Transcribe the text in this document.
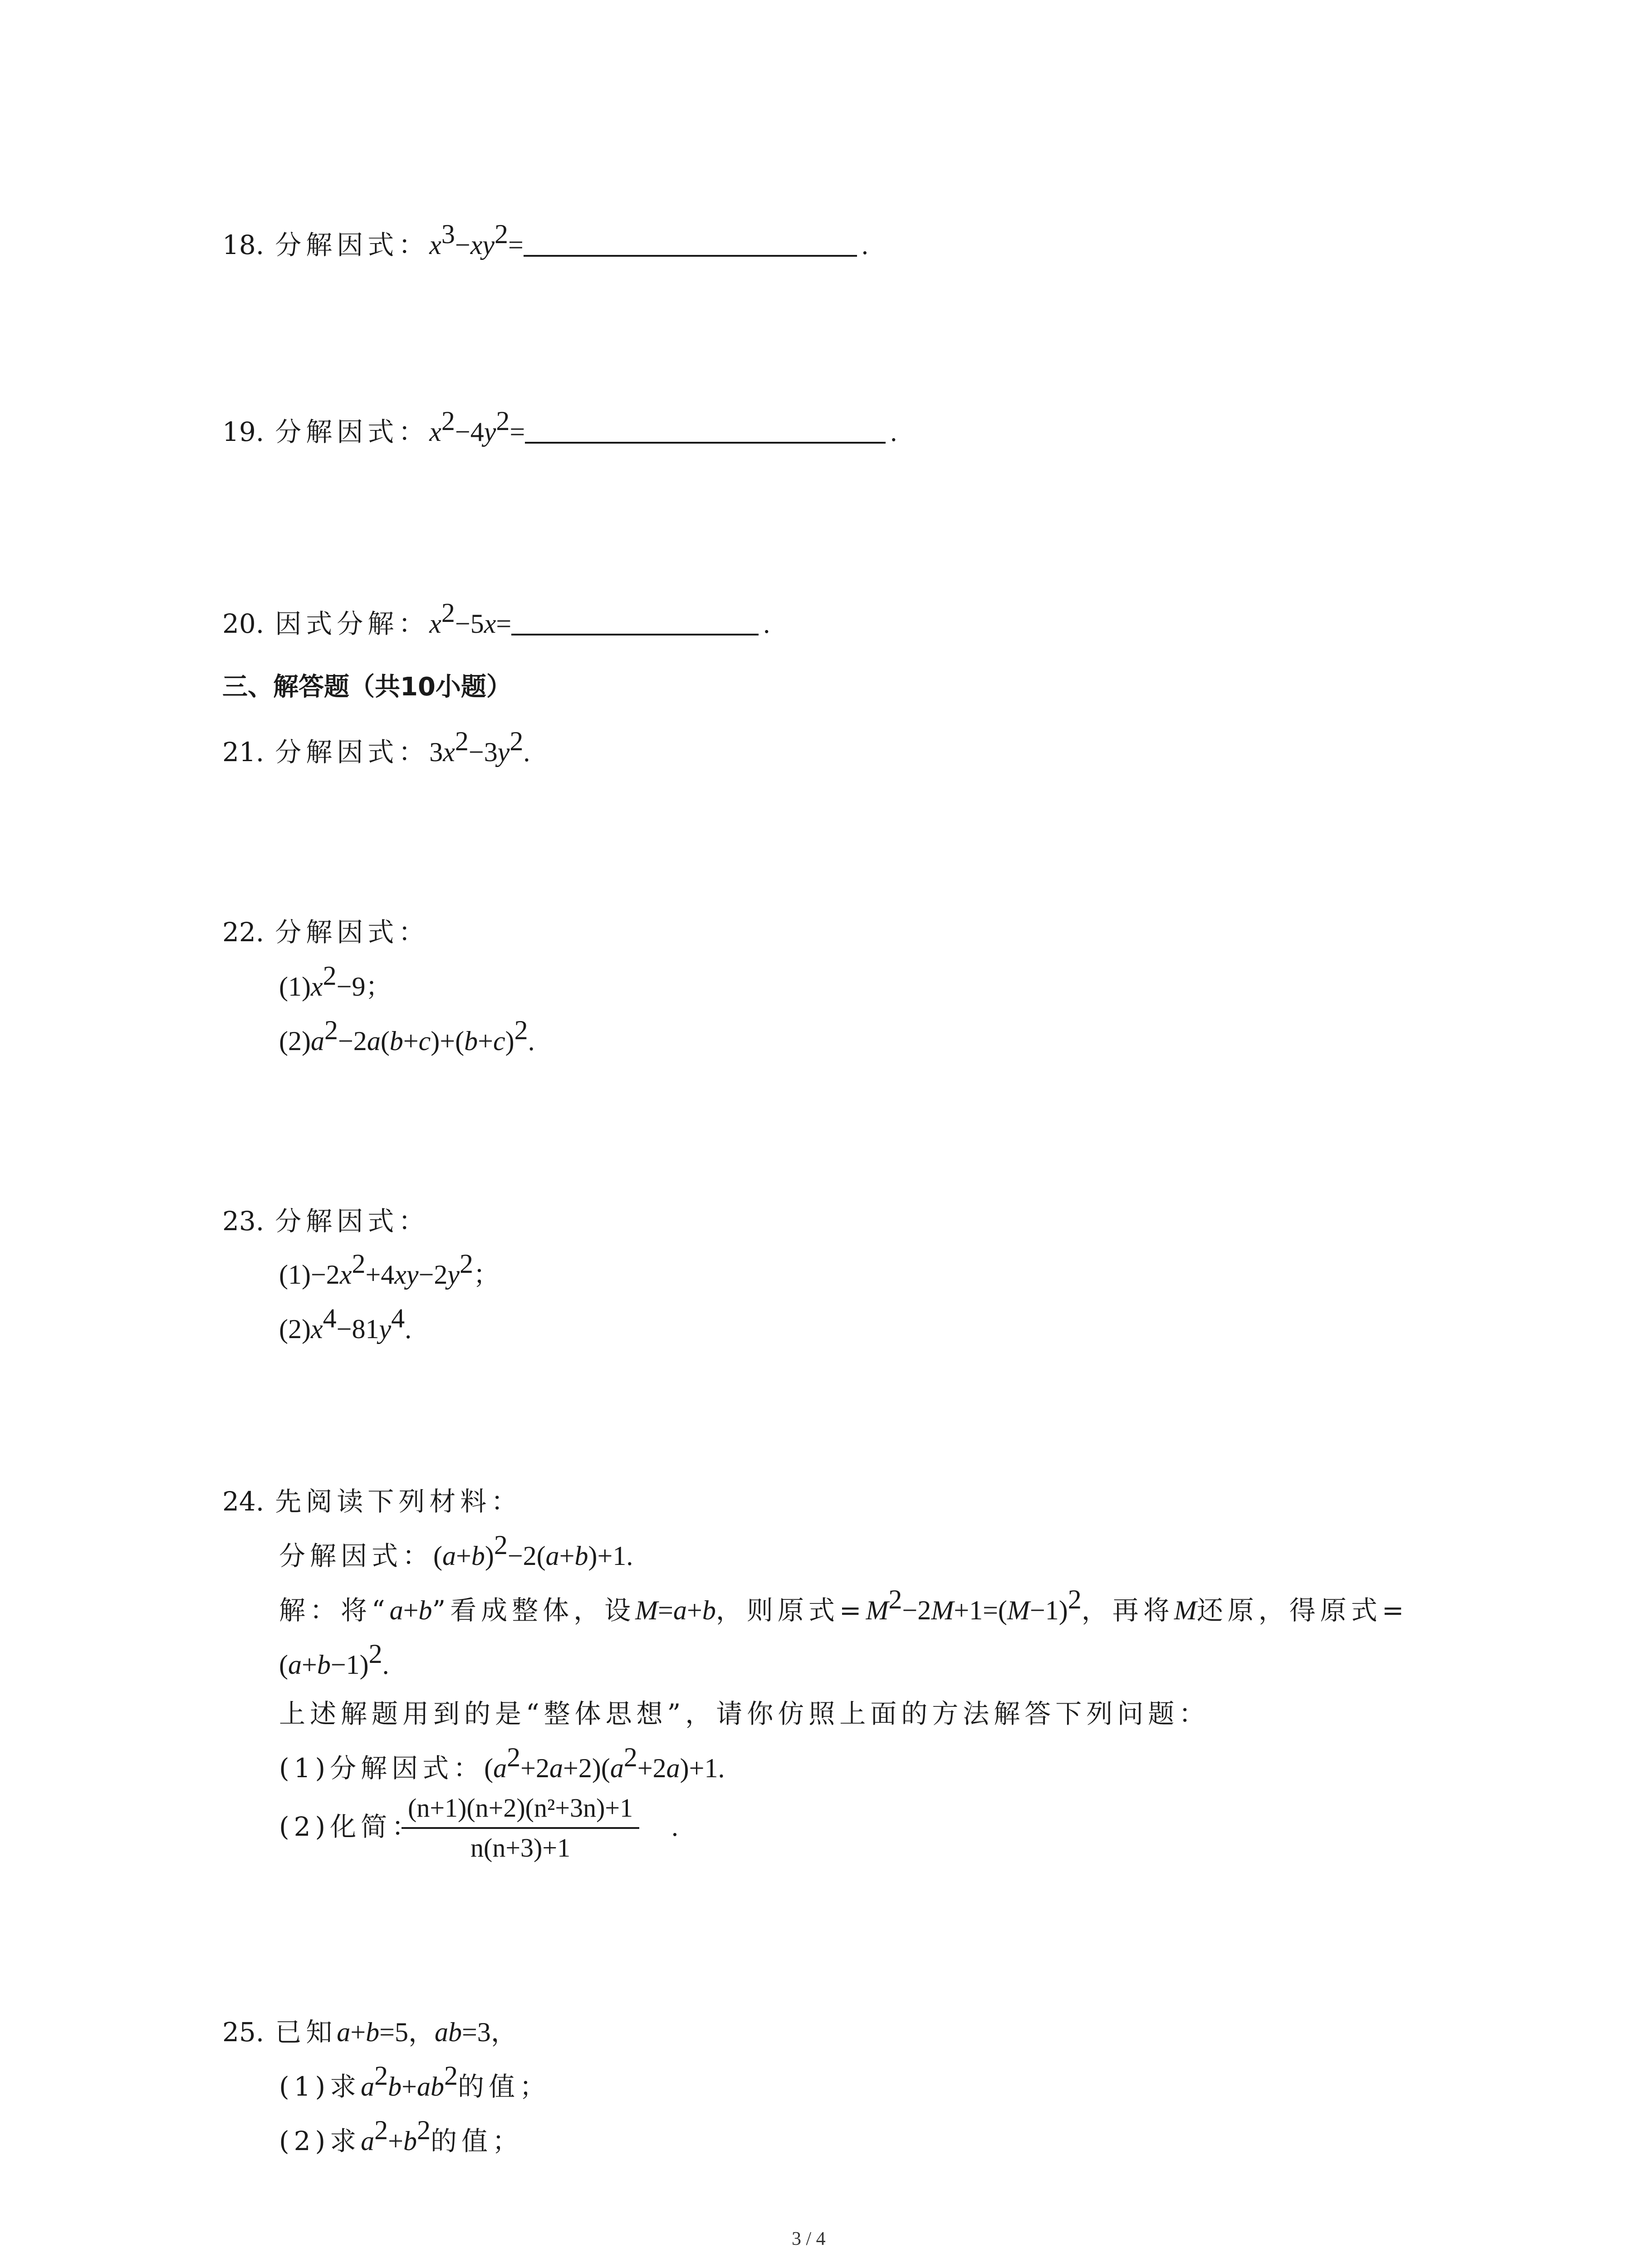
18. 分解因式：$x^3-xy^2=$	.
19. 分解因式：$x^2-4y^2=$	.
20. 因式分解：$x^2-5x=$	.
三、解答题（共10小题）
21. 分解因式：$3x^2-3y^2$.
22. 分解因式：
$(1)x^2-9$；
$(2)a^2-2a(b+c)+(b+c)^2$.
23. 分解因式：
$(1)-2x^2+4xy-2y^2$；
$(2)x^4-81y^4$.
24. 先阅读下列材料：
分解因式：$(a+b)^2-2(a+b)+1$.
解：将“a+b”看成整体，设M=a+b，则原式$=M^2-2M+1=(M-1)^2$，再将M还原，得原式=
$(a+b-1)^2$.
上述解题用到的是“整体思想”，请你仿照上面的方法解答下列问题：
(1)分解因式：$(a^2+2a+2)(a^2+2a)+1$.
(2)化简：
$\frac{\text{(n+1)(n+2)(n²+3n)+1}}{n(n+3)+1}$ .
25. 已知a+b=5，ab=3，
(1)求$a^2b+ab^2$的值；
(2)求$a^2+b^2$的值；
3 / 4
